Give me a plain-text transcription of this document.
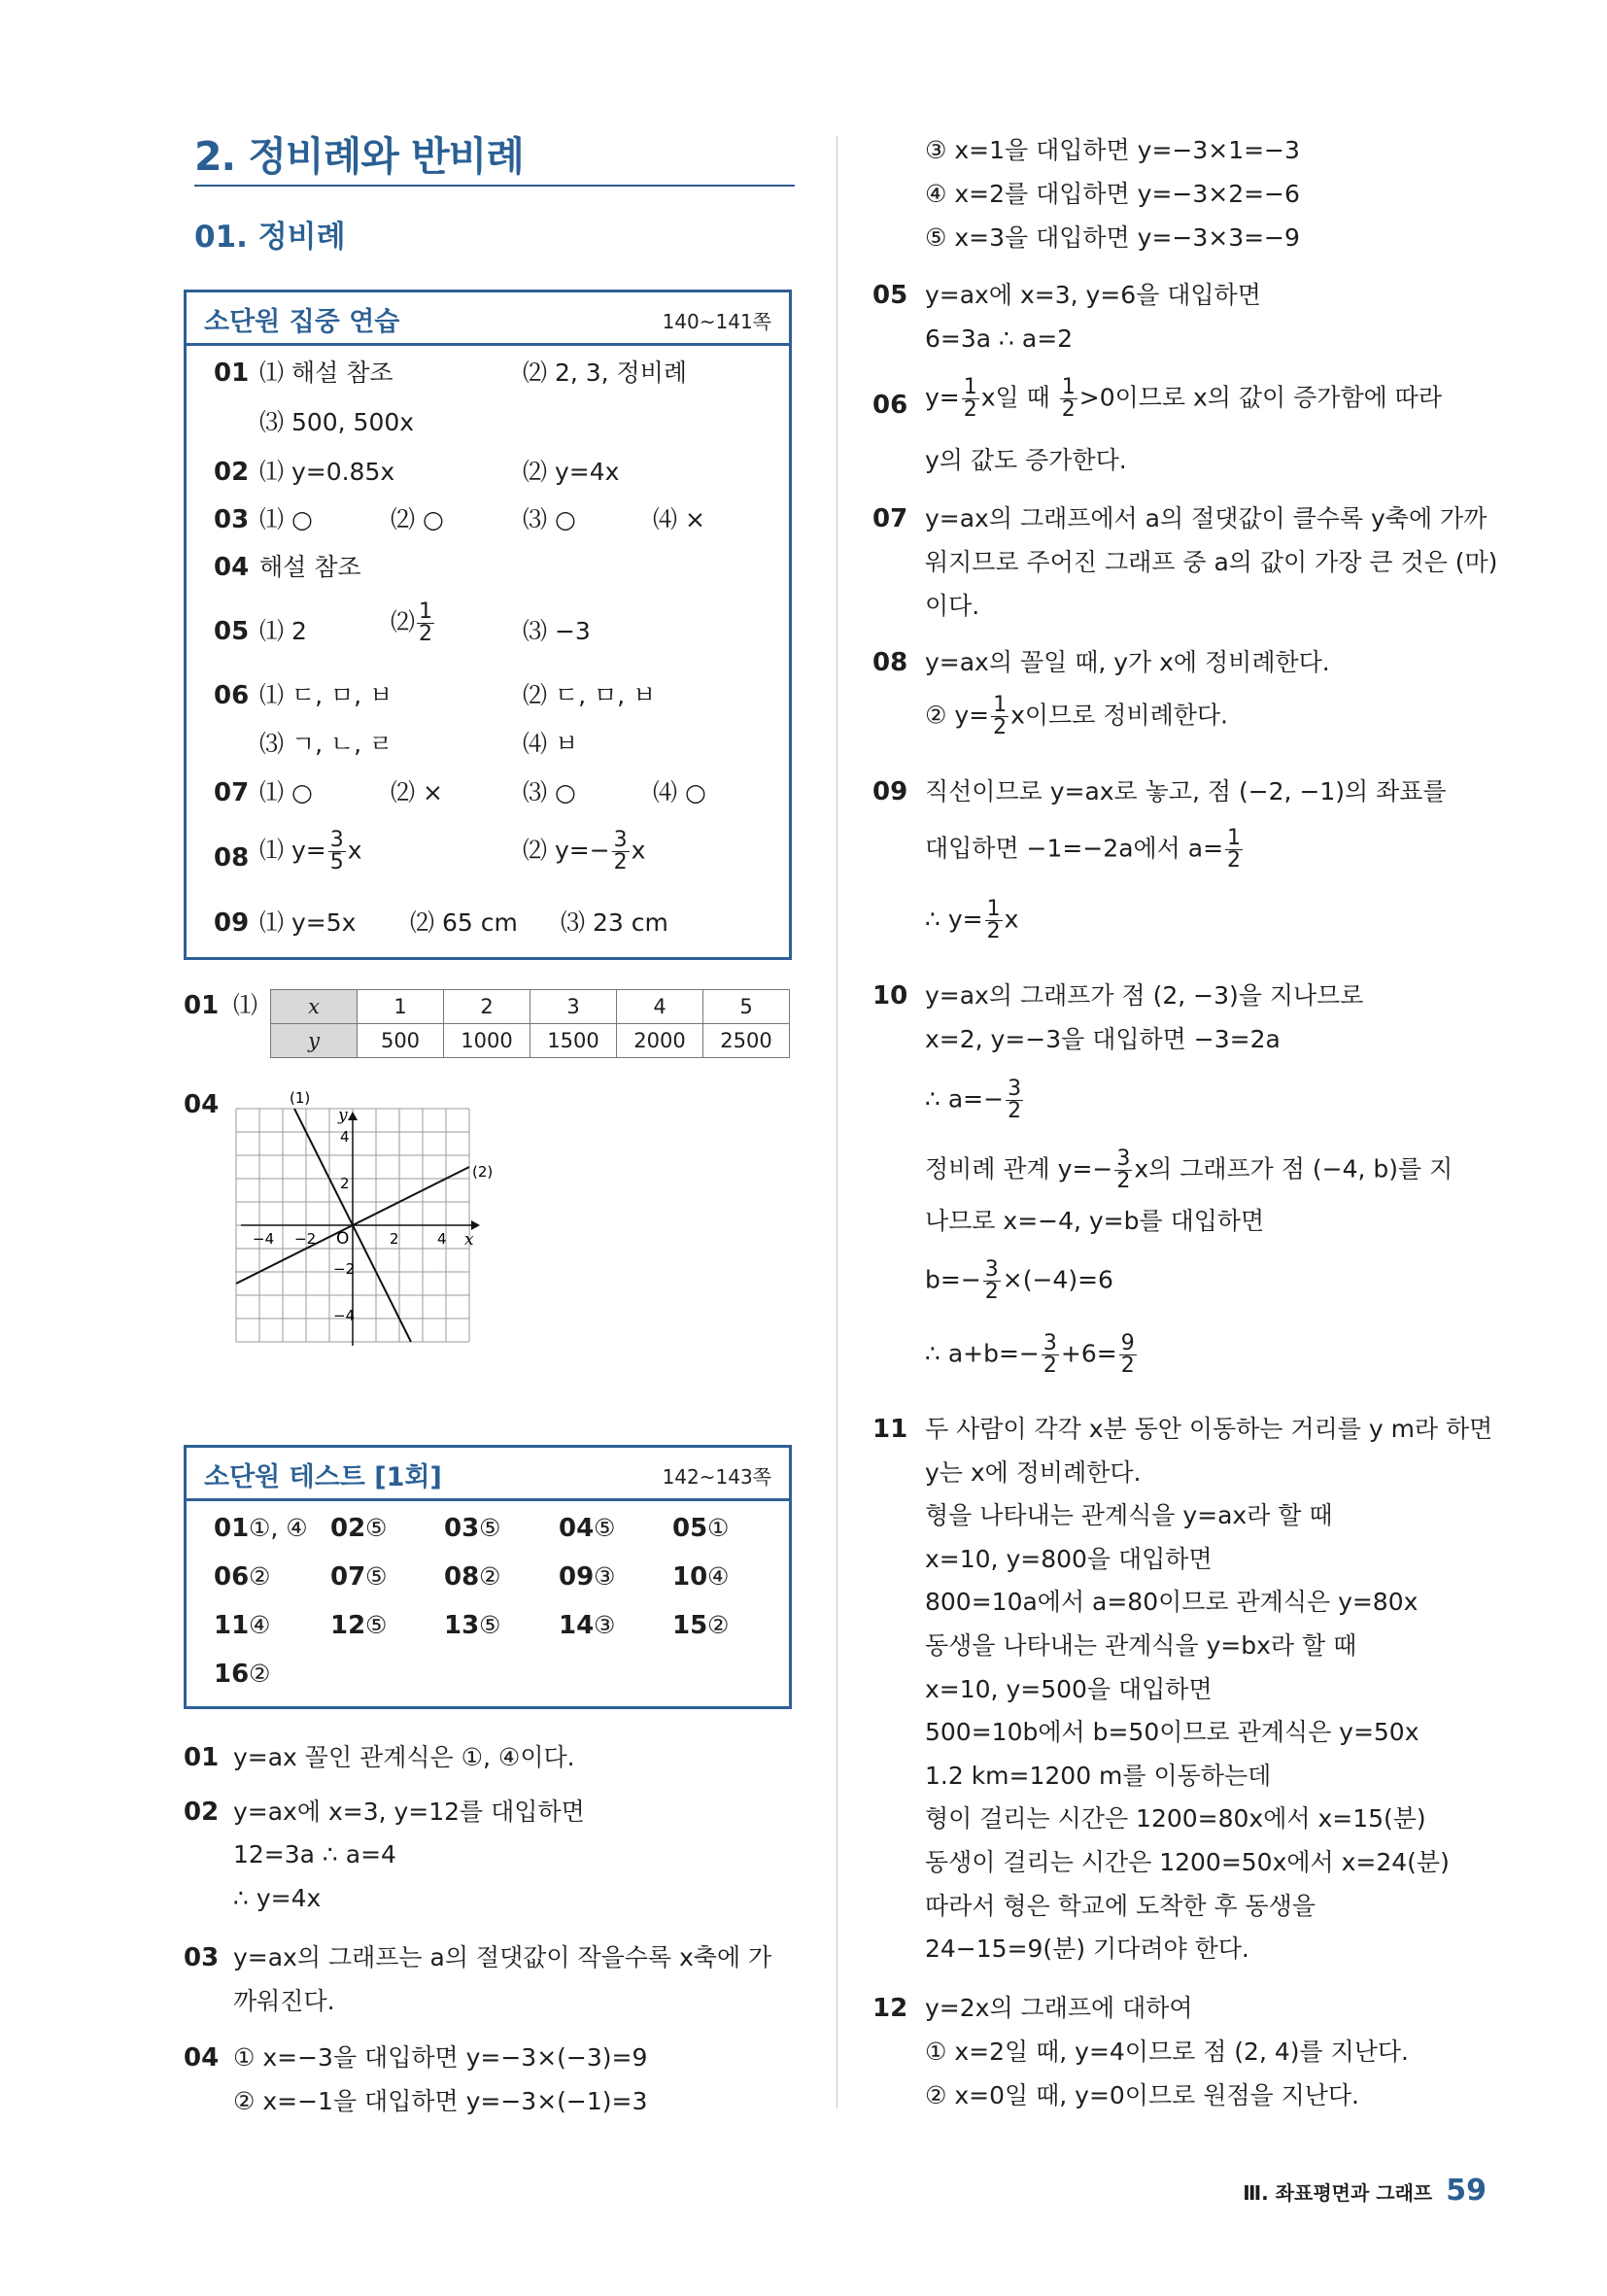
2. 정비례와 반비례
01. 정비례
소단원 집중 연습	140~141쪽
01 ⑴ 해설 참조	⑵ 2, 3, 정비례
⑶ 500, 500x
02 ⑴ y=0.85x	⑵ y=4x
03 ⑴ ○	⑵ ○	⑶ ○	⑷ ×
04 해설 참조
05 ⑴ 2	⑵ $\frac{1}{2}$	⑶ −3
06 ⑴ ㄷ, ㅁ, ㅂ	⑵ ㄷ, ㅁ, ㅂ
⑶ ㄱ, ㄴ, ㄹ	⑷ ㅂ
07 ⑴ ○	⑵ ×	⑶ ○	⑷ ○
08 ⑴ $y= \frac{3}{5}$ x	⑵ $y=- \frac{3}{2}$ x
09 ⑴ y=5x ⑵ 65 cm ⑶ 23 cm
01 ⑴ x	1	2	3	4	5
y	500	1000	1500	2000	2500
04	(1)
(2)
x
y
O
−4 −2	2	4
4
2
−2
−4
소단원 테스트 [1회]	142~143쪽
01 ①, ④ 02 ⑤ 03 ⑤ 04 ⑤ 05 ①
06 ② 07 ⑤ 08 ② 09 ③ 10 ④
11 ④ 12 ⑤ 13 ⑤ 14 ③ 15 ②
16 ②
01 y=ax 꼴인 관계식은 ①, ④이다.
02 y=ax에 x=3, y=12를 대입하면
12=3a ∴ a=4
∴ y=4x
03 y=ax의 그래프는 a의 절댓값이 작을수록 x축에 가
까워진다.
04 ① x=−3을 대입하면 y=−3×(−3)=9
② x=−1을 대입하면 y=−3×(−1)=3
③ x=1을 대입하면 y=−3×1=−3
④ x=2를 대입하면 y=−3×2=−6
⑤ x=3을 대입하면 y=−3×3=−9
05 y=ax에 x=3, y=6을 대입하면
6=3a ∴ a=2
06 $y= \frac{1}{2}$ x일 때 $\frac{1}{2} >0$이므로 x의 값이 증가함에 따라
y의 값도 증가한다.
07 y=ax의 그래프에서 a의 절댓값이 클수록 y축에 가까
워지므로 주어진 그래프 중 a의 값이 가장 큰 것은 (마)
이다.
08 y=ax의 꼴일 때, y가 x에 정비례한다.
② $y= \frac{1}{2}$ x이므로 정비례한다.
09 직선이므로 y=ax로 놓고, 점 (−2, −1)의 좌표를
대입하면 −1=−2a에서 $a= \frac{1}{2}$
∴ $y= \frac{1}{2}$ x
10 y=ax의 그래프가 점 (2, −3)을 지나므로
x=2, y=−3을 대입하면 −3=2a
∴ $a=- \frac{3}{2}$
정비례 관계 $y=- \frac{3}{2}$ x의 그래프가 점 (−4, b)를 지
나므로 x=−4, y=b를 대입하면
$b=- \frac{3}{2} \times(-4)=6$
∴ $a+b=- \frac{3}{2} +6= \frac{9}{2}$
11 두 사람이 각각 x분 동안 이동하는 거리를 y m라 하면
y는 x에 정비례한다.
형을 나타내는 관계식을 y=ax라 할 때
x=10, y=800을 대입하면
800=10a에서 a=80이므로 관계식은 y=80x
동생을 나타내는 관계식을 y=bx라 할 때
x=10, y=500을 대입하면
500=10b에서 b=50이므로 관계식은 y=50x
1.2 km=1200 m를 이동하는데
형이 걸리는 시간은 1200=80x에서 x=15(분)
동생이 걸리는 시간은 1200=50x에서 x=24(분)
따라서 형은 학교에 도착한 후 동생을
24−15=9(분) 기다려야 한다.
12 y=2x의 그래프에 대하여
① x=2일 때, y=4이므로 점 (2, 4)를 지난다.
② x=0일 때, y=0이므로 원점을 지난다.
Ⅲ. 좌표평면과 그래프 59
